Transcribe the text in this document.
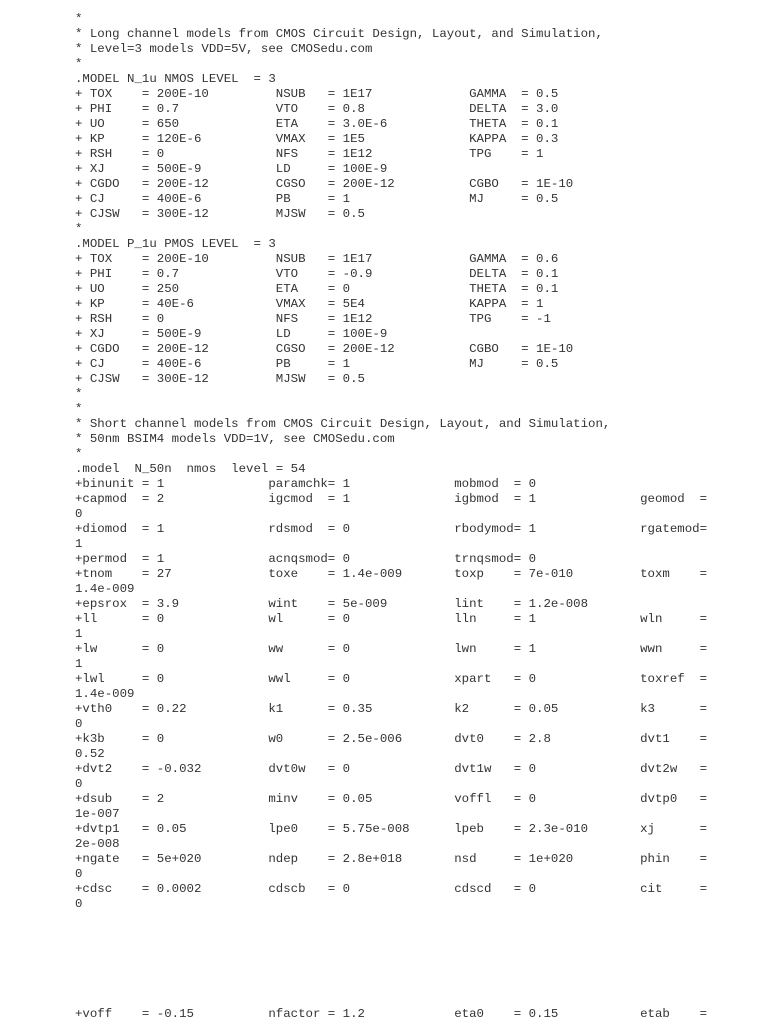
*
* Long channel models from CMOS Circuit Design, Layout, and Simulation,
* Level=3 models VDD=5V, see CMOSedu.com
*
.MODEL N_1u NMOS LEVEL  = 3
+ TOX    = 200E-10         NSUB   = 1E17             GAMMA  = 0.5
+ PHI    = 0.7             VTO    = 0.8              DELTA  = 3.0
+ UO     = 650             ETA    = 3.0E-6           THETA  = 0.1
+ KP     = 120E-6          VMAX   = 1E5              KAPPA  = 0.3
+ RSH    = 0               NFS    = 1E12             TPG    = 1
+ XJ     = 500E-9          LD     = 100E-9
+ CGDO   = 200E-12         CGSO   = 200E-12          CGBO   = 1E-10
+ CJ     = 400E-6          PB     = 1                MJ     = 0.5
+ CJSW   = 300E-12         MJSW   = 0.5
*
.MODEL P_1u PMOS LEVEL  = 3
+ TOX    = 200E-10         NSUB   = 1E17             GAMMA  = 0.6
+ PHI    = 0.7             VTO    = -0.9             DELTA  = 0.1
+ UO     = 250             ETA    = 0                THETA  = 0.1
+ KP     = 40E-6           VMAX   = 5E4              KAPPA  = 1
+ RSH    = 0               NFS    = 1E12             TPG    = -1
+ XJ     = 500E-9          LD     = 100E-9
+ CGDO   = 200E-12         CGSO   = 200E-12          CGBO   = 1E-10
+ CJ     = 400E-6          PB     = 1                MJ     = 0.5
+ CJSW   = 300E-12         MJSW   = 0.5
*
*
* Short channel models from CMOS Circuit Design, Layout, and Simulation,
* 50nm BSIM4 models VDD=1V, see CMOSedu.com
*
.model  N_50n  nmos  level = 54
+binunit = 1              paramchk= 1              mobmod  = 0
+capmod  = 2              igcmod  = 1              igbmod  = 1              geomod  =
0
+diomod  = 1              rdsmod  = 0              rbodymod= 1              rgatemod=
1
+permod  = 1              acnqsmod= 0              trnqsmod= 0
+tnom    = 27             toxe    = 1.4e-009       toxp    = 7e-010         toxm    =
1.4e-009
+epsrox  = 3.9            wint    = 5e-009         lint    = 1.2e-008
+ll      = 0              wl      = 0              lln     = 1              wln     =
1
+lw      = 0              ww      = 0              lwn     = 1              wwn     =
1
+lwl     = 0              wwl     = 0              xpart   = 0              toxref  =
1.4e-009
+vth0    = 0.22           k1      = 0.35           k2      = 0.05           k3      =
0
+k3b     = 0              w0      = 2.5e-006       dvt0    = 2.8            dvt1    =
0.52
+dvt2    = -0.032         dvt0w   = 0              dvt1w   = 0              dvt2w   =
0
+dsub    = 2              minv    = 0.05           voffl   = 0              dvtp0   =
1e-007
+dvtp1   = 0.05           lpe0    = 5.75e-008      lpeb    = 2.3e-010       xj      =
2e-008
+ngate   = 5e+020         ndep    = 2.8e+018       nsd     = 1e+020         phin    =
0
+cdsc    = 0.0002         cdscb   = 0              cdscd   = 0              cit     =
0
+voff    = -0.15          nfactor = 1.2            eta0    = 0.15           etab    =
